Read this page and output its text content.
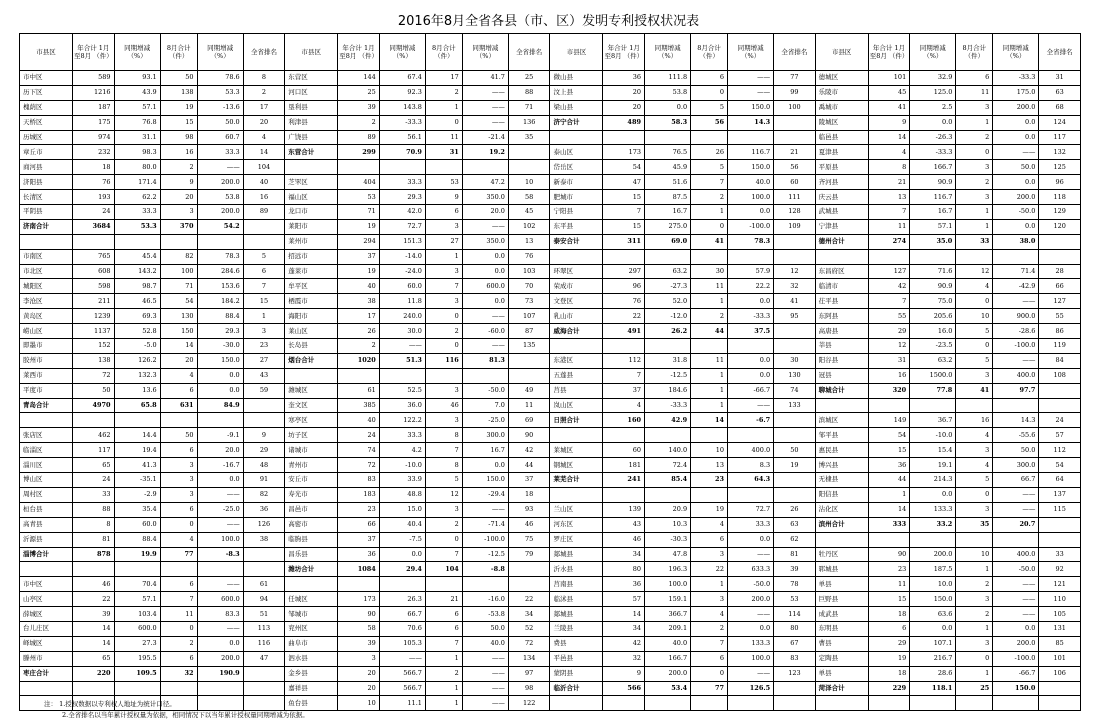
2016年8月全省各县（市、区）发明专利授权状况表
市县区	年合计 1月至8月 （件）	同期增减 （%）	8月合计 （件）	同期增减 （%）	全省排名	市县区	年合计 1月至8月 （件）	同期增减 （%）	8月合计 （件）	同期增减 （%）	全省排名	市县区	年合计 1月至8月 （件）	同期增减 （%）	8月合计 （件）	同期增减 （%）	全省排名	市县区	年合计 1月至8月 （件）	同期增减 （%）	8月合计 （件）	同期增减 （%）	全省排名
市中区	589	93.1	50	78.6	8	东营区	144	67.4	17	41.7	25	微山县	36	111.8	6	——	77	德城区	101	32.9	6	-33.3	31
历下区	1216	43.9	138	53.3	2	河口区	25	92.3	2	——	88	汶上县	20	53.8	0	——	99	乐陵市	45	125.0	11	175.0	63
槐荫区	187	57.1	19	-13.6	17	垦利县	39	143.8	1	——	71	梁山县	20	0.0	5	150.0	100	禹城市	41	2.5	3	200.0	68
天桥区	175	76.8	15	50.0	20	利津县	2	-33.3	0	——	136	济宁合计	489	58.3	56	14.3		陵城区	9	0.0	1	0.0	124
历城区	974	31.1	98	60.7	4	广饶县	89	56.1	11	-21.4	35							临邑县	14	-26.3	2	0.0	117
章丘市	232	98.3	16	33.3	14	东营合计	299	70.9	31	19.2		泰山区	173	76.5	26	116.7	21	夏津县	4	-33.3	0	——	132
商河县	18	80.0	2	——	104							岱岳区	54	45.9	5	150.0	56	平原县	8	166.7	3	50.0	125
济阳县	76	171.4	9	200.0	40	芝罘区	404	33.3	53	47.2	10	新泰市	47	51.6	7	40.0	60	齐河县	21	90.9	2	0.0	96
长清区	193	62.2	20	53.8	16	福山区	53	29.3	9	350.0	58	肥城市	15	87.5	2	100.0	111	庆云县	13	116.7	3	200.0	118
平阴县	24	33.3	3	200.0	89	龙口市	71	42.0	6	20.0	45	宁阳县	7	16.7	1	0.0	128	武城县	7	16.7	1	-50.0	129
济南合计	3684	53.3	370	54.2		莱阳市	19	72.7	3	——	102	东平县	15	275.0	0	-100.0	109	宁津县	11	57.1	1	0.0	120
						莱州市	294	151.3	27	350.0	13	泰安合计	311	69.0	41	78.3		德州合计	274	35.0	33	38.0	
市南区	765	45.4	82	78.3	5	招远市	37	-14.0	1	0.0	76												
市北区	608	143.2	100	284.6	6	蓬莱市	19	-24.0	3	0.0	103	环翠区	297	63.2	30	57.9	12	东昌府区	127	71.6	12	71.4	28
城阳区	598	98.7	71	153.6	7	牟平区	40	60.0	7	600.0	70	荣成市	96	-27.3	11	22.2	32	临清市	42	90.9	4	-42.9	66
李沧区	211	46.5	54	184.2	15	栖霞市	38	11.8	3	0.0	73	文登区	76	52.0	1	0.0	41	茌平县	7	75.0	0	——	127
黄岛区	1239	69.3	130	88.4	1	海阳市	17	240.0	0	——	107	乳山市	22	-12.0	2	-33.3	95	东阿县	55	205.6	10	900.0	55
崂山区	1137	52.8	150	29.3	3	莱山区	26	30.0	2	-60.0	87	威海合计	491	26.2	44	37.5		高唐县	29	16.0	5	-28.6	86
即墨市	152	-5.0	14	-30.0	23	长岛县	2	——	0	——	135							莘县	12	-23.5	0	-100.0	119
胶州市	138	126.2	20	150.0	27	烟台合计	1020	51.3	116	81.3		东港区	112	31.8	11	0.0	30	阳谷县	31	63.2	5	——	84
莱西市	72	132.3	4	0.0	43							五莲县	7	-12.5	1	0.0	130	冠县	16	1500.0	3	400.0	108
平度市	50	13.6	6	0.0	59	潍城区	61	52.5	3	-50.0	49	莒县	37	184.6	1	-66.7	74	聊城合计	320	77.8	41	97.7	
青岛合计	4970	65.8	631	84.9		奎文区	385	36.0	46	7.0	11	岚山区	4	-33.3	1	——	133						
						寒亭区	40	122.2	3	-25.0	69	日照合计	160	42.9	14	-6.7		滨城区	149	36.7	16	14.3	24
张店区	462	14.4	50	-9.1	9	坊子区	24	33.3	8	300.0	90							邹平县	54	-10.0	4	-55.6	57
临淄区	117	19.4	6	20.0	29	诸城市	74	4.2	7	16.7	42	莱城区	60	140.0	10	400.0	50	惠民县	15	15.4	3	50.0	112
淄川区	65	41.3	3	-16.7	48	青州市	72	-10.0	8	0.0	44	钢城区	181	72.4	13	8.3	19	博兴县	36	19.1	4	300.0	54
博山区	24	-35.1	3	0.0	91	安丘市	83	33.9	5	150.0	37	莱芜合计	241	85.4	23	64.3		无棣县	44	214.3	5	66.7	64
周村区	33	-2.9	3	——	82	寿光市	183	48.8	12	-29.4	18							阳信县	1	0.0	0	——	137
桓台县	88	35.4	6	-25.0	36	昌邑市	23	15.0	3	——	93	兰山区	139	20.9	19	72.7	26	沾化区	14	133.3	3	——	115
高青县	8	60.0	0	——	126	高密市	66	40.4	2	-71.4	46	河东区	43	10.3	4	33.3	63	滨州合计	333	33.2	35	20.7	
沂源县	81	88.4	4	100.0	38	临朐县	37	-7.5	0	-100.0	75	罗庄区	46	-30.3	6	0.0	62						
淄博合计	878	19.9	77	-8.3		昌乐县	36	0.0	7	-12.5	79	郯城县	34	47.8	3	——	81	牡丹区	90	200.0	10	400.0	33
						潍坊合计	1084	29.4	104	-8.8		沂水县	80	196.3	22	633.3	39	郓城县	23	187.5	1	-50.0	92
市中区	46	70.4	6	——	61							莒南县	36	100.0	1	-50.0	78	单县	11	10.0	2	——	121
山亭区	22	57.1	7	600.0	94	任城区	173	26.3	21	-16.0	22	临沭县	57	159.1	3	200.0	53	巨野县	15	150.0	3	——	110
薛城区	39	103.4	11	83.3	51	邹城市	90	66.7	6	-53.8	34	郯城县	14	366.7	4	——	114	成武县	18	63.6	2	——	105
台儿庄区	14	600.0	0	——	113	兖州区	58	70.6	6	50.0	52	兰陵县	34	209.1	2	0.0	80	东明县	6	0.0	1	0.0	131
峄城区	14	27.3	2	0.0	116	曲阜市	39	105.3	7	40.0	72	费县	42	40.0	7	133.3	67	曹县	29	107.1	3	200.0	85
滕州市	65	195.5	6	200.0	47	泗水县	3	——	1	——	134	平邑县	32	166.7	6	100.0	83	定陶县	19	216.7	0	-100.0	101
枣庄合计	220	109.5	32	190.9		金乡县	20	566.7	2	——	97	蒙阴县	9	200.0	0	——	123	单县	18	28.6	1	-66.7	106
						嘉祥县	20	566.7	1	——	98	临沂合计	566	53.4	77	126.5		菏泽合计	229	118.1	25	150.0	
						鱼台县	10	11.1	1	——	122												
注： 1.授权数据以专利权人地址为统计口径。
2.全省排名以当年累计授权量为依据，相同情况下以当年累计授权量同期增减为依据。
